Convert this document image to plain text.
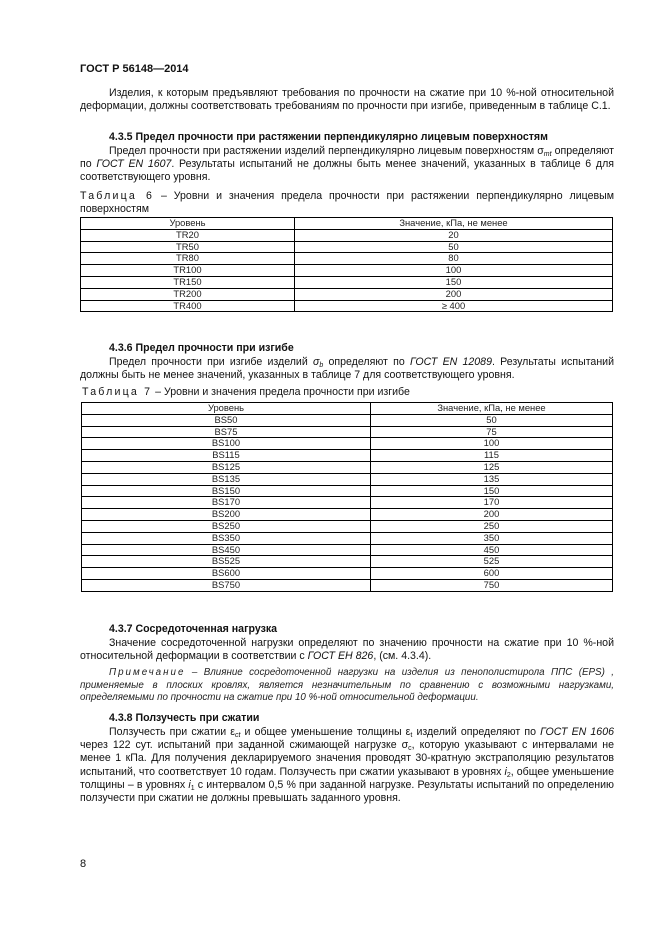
ГОСТ Р 56148—2014

Изделия, к которым предъявляют требования по прочности на сжатие при 10 %-ной относительной деформации, должны соответствовать требованиям по прочности при изгибе, приведенным в таблице С.1.

4.3.5 Предел прочности при растяжении перпендикулярно лицевым поверхностям

Предел прочности при растяжении изделий перпендикулярно лицевым поверхностям $\sigma_{mt}$ определяют по ГОСТ EN 1607. Результаты испытаний не должны быть менее значений, указанных в таблице 6 для соответствующего уровня.

Таблица 6 – Уровни и значения предела прочности при растяжении перпендикулярно лицевым поверхностям

Уровень	Значение, кПа, не менее
TR20	20
TR50	50
TR80	80
TR100	100
TR150	150
TR200	200
TR400	≥ 400

4.3.6 Предел прочности при изгибе

Предел прочности при изгибе изделий $\sigma_b$ определяют по ГОСТ EN 12089. Результаты испытаний должны быть не менее значений, указанных в таблице 7 для соответствующего уровня.

Таблица 7 – Уровни и значения предела прочности при изгибе

Уровень	Значение, кПа, не менее
BS50	50
BS75	75
BS100	100
BS115	115
BS125	125
BS135	135
BS150	150
BS170	170
BS200	200
BS250	250
BS350	350
BS450	450
BS525	525
BS600	600
BS750	750

4.3.7 Сосредоточенная нагрузка

Значение сосредоточенной нагрузки определяют по значению прочности на сжатие при 10 %-ной относительной деформации в соответствии с ГОСТ ЕН 826, (см. 4.3.4).

Примечание – Влияние сосредоточенной нагрузки на изделия из пенополистирола ППС (EPS) , применяемые в плоских кровлях, является незначительным по сравнению с возможными нагрузками, определяемыми по прочности на сжатие при 10 %-ной относительной деформации.

4.3.8 Ползучесть при сжатии

Ползучесть при сжатии $\varepsilon_{ct}$ и общее уменьшение толщины $\varepsilon_t$ изделий определяют по ГОСТ EN 1606 через 122 сут. испытаний при заданной сжимающей нагрузке $\sigma_c$, которую указывают с интервалами не менее 1 кПа. Для получения декларируемого значения проводят 30-кратную экстраполяцию результатов испытаний, что соответствует 10 годам. Ползучесть при сжатии указывают в уровнях $i_2$, общее уменьшение толщины – в уровнях $i_1$ с интервалом 0,5 % при заданной нагрузке. Результаты испытаний по определению ползучести при сжатии не должны превышать заданного уровня.

8
